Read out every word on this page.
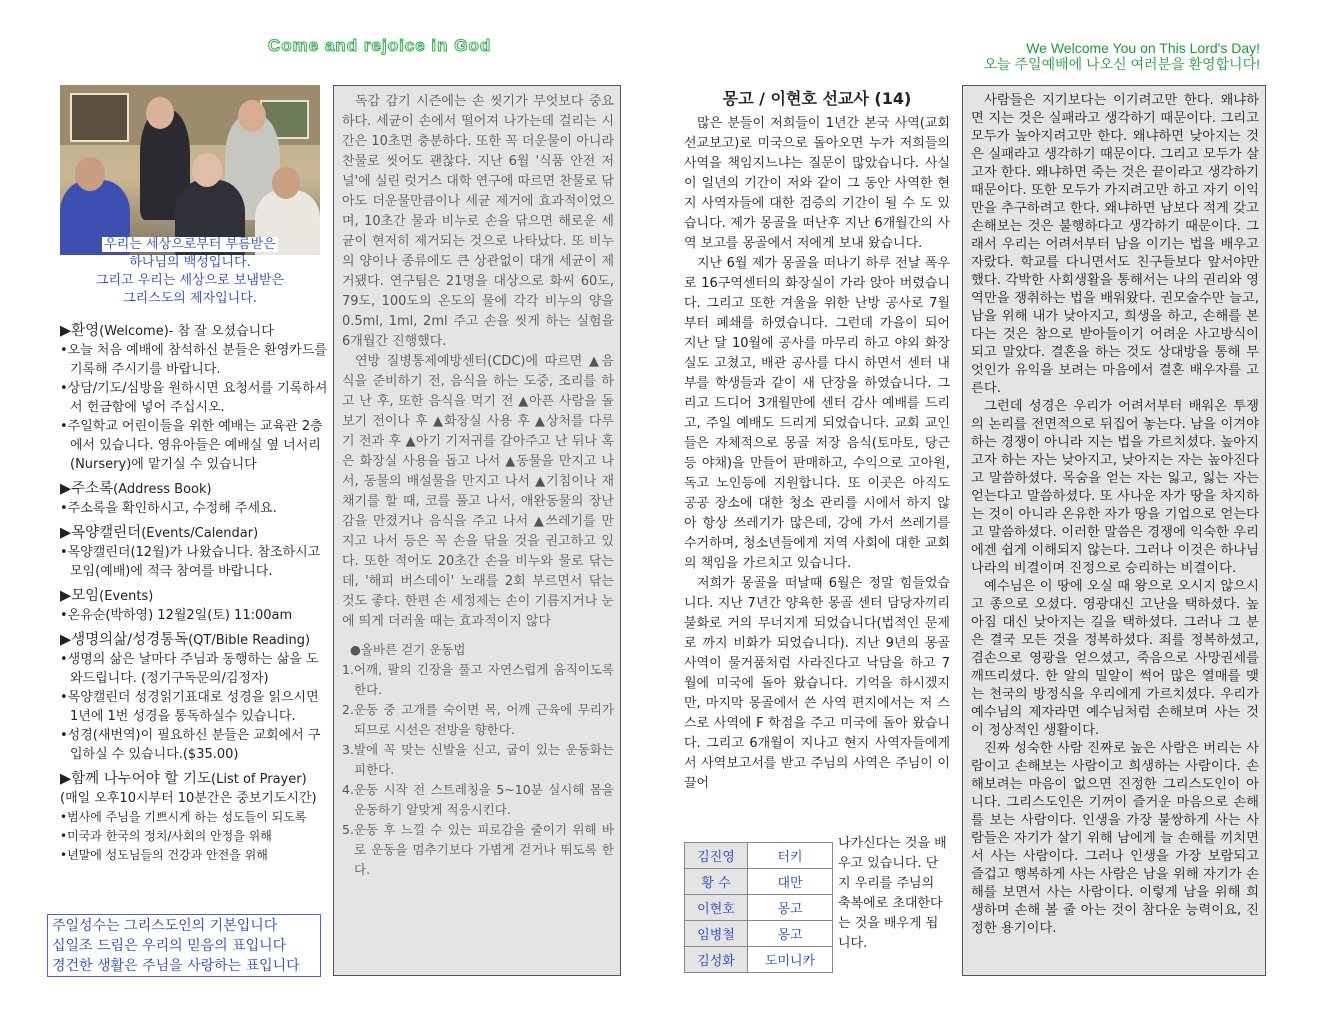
Come and rejoice in God	We Welcome You on This Lord's Day!
오늘 주일예배에 나오신 여러분을 환영합니다!
우리는 세상으로부터 부름받은
하나님의 백성입니다.
그리고 우리는 세상으로 보냄받은
그리스도의 제자입니다.
▶환영(Welcome)- 참 잘 오셨습니다
•오늘 처음 예배에 참석하신 분들은 환영카드를 기록해 주시기를 바랍니다.
•상담/기도/심방을 원하시면 요청서를 기록하셔서 헌금함에 넣어 주십시오.
•주일학교 어린이들을 위한 예배는 교육관 2층에서 있습니다. 영유아들은 예배실 옆 너서리(Nursery)에 맡기실 수 있습니다
▶주소록(Address Book)
•주소록을 확인하시고, 수정해 주세요.
▶목양캘린더(Events/Calendar)
•목양캘린더(12월)가 나왔습니다. 참조하시고 모임(예배)에 적극 참여를 바랍니다.
▶모임(Events)
•온유순(박하영) 12월2일(토) 11:00am
▶생명의삶/성경통독(QT/Bible Reading)
•생명의 삶은 날마다 주님과 동행하는 삶을 도와드립니다. (정기구독문의/김정자)
•목양캘린더 성경읽기표대로 성경을 읽으시면 1년에 1번 성경을 통독하실수 있습니다.
•성경(새번역)이 필요하신 분들은 교회에서 구입하실 수 있습니다.($35.00)
▶함께 나누어야 할 기도(List of Prayer)
(매일 오후10시부터 10분간은 중보기도시간)
•범사에 주님을 기쁘시게 하는 성도들이 되도록
•미국과 한국의 정치/사회의 안정을 위해
•년말에 성도님들의 건강과 안전을 위해
주일성수는 그리스도인의 기본입니다
십일조 드림은 우리의 믿음의 표입니다
경건한 생활은 주님을 사랑하는 표입니다

독감 감기 시즌에는 손 씻기가 무엇보다 중요하다. 세균이 손에서 떨어져 나가는데 걸리는 시간은 10초면 충분하다. 또한 꼭 더운물이 아니라 찬물로 씻어도 괜찮다. 지난 6월 '식품 안전 저널'에 실린 럿거스 대학 연구에 따르면 찬물로 닦아도 더운물만큼이나 세균 제거에 효과적이었으며, 10초간 물과 비누로 손을 닦으면 해로운 세균이 현저히 제거되는 것으로 나타났다. 또 비누의 양이나 종류에도 큰 상관없이 대개 세균이 제거됐다. 연구팀은 21명을 대상으로 화씨 60도, 79도, 100도의 온도의 물에 각각 비누의 양을 0.5ml, 1ml, 2ml 주고 손을 씻게 하는 실험을 6개월간 진행했다.

연방 질병통제예방센터(CDC)에 따르면 ▲음식을 준비하기 전, 음식을 하는 도중, 조리를 하고 난 후, 또한 음식을 먹기 전 ▲아픈 사람을 돌보기 전이나 후 ▲화장실 사용 후 ▲상처를 다루기 전과 후 ▲아기 기저귀를 갈아주고 난 뒤나 혹은 화장실 사용을 돕고 나서 ▲동물을 만지고 나서, 동물의 배설물을 만지고 나서 ▲기침이나 재채기를 할 때, 코를 풀고 나서, 애완동물의 장난감을 만졌거나 음식을 주고 나서 ▲쓰레기를 만지고 나서 등은 꼭 손을 닦을 것을 권고하고 있다. 또한 적어도 20초간 손을 비누와 물로 닦는데, '해피 버스데이' 노래를 2회 부르면서 닦는 것도 좋다. 한편 손 세정제는 손이 기름지거나 눈에 띄게 더러울 때는 효과적이지 않다

●올바른 걷기 운동법
1.어깨, 팔의 긴장을 풀고 자연스럽게 움직이도록 한다.
2.운동 중 고개를 숙이면 목, 어깨 근육에 무리가 되므로 시선은 전방을 향한다.
3.발에 꼭 맞는 신발을 신고, 굽이 있는 운동화는 피한다.
4.운동 시작 전 스트레칭을 5~10분 실시해 몸을 운동하기 알맞게 적응시킨다.
5.운동 후 느낄 수 있는 피로감을 줄이기 위해 바로 운동을 멈추기보다 가볍게 걷거나 뛰도록 한다.
몽고 / 이현호 선교사 (14)

많은 분들이 저희들이 1년간 본국 사역(교회 선교보고)로 미국으로 돌아오면 누가 저희들의 사역을 책임지느냐는 질문이 많았습니다. 사실 이 일년의 기간이 저와 같이 그 동안 사역한 현지 사역자들에 대한 검증의 기간이 될 수 도 있습니다. 제가 몽골을 떠난후 지난 6개월간의 사역 보고를 몽골에서 저에게 보내 왔습니다.

지난 6월 제가 몽골을 떠나기 하루 전날 폭우로 16구역센터의 화장실이 가라 앉아 버렸습니다. 그리고 또한 겨울을 위한 난방 공사로 7월부터 폐쇄를 하였습니다. 그런데 가을이 되어 지난 달 10월에 공사를 마무리 하고 야외 화장실도 고쳤고, 배관 공사를 다시 하면서 센터 내부를 학생들과 같이 새 단장을 하였습니다. 그리고 드디어 3개월만에 센터 감사 예배를 드리고, 주일 예배도 드리게 되었습니다. 교회 교인들은 자체적으로 몽골 저장 음식(토마토, 당근 등 야채)을 만들어 판매하고, 수익으로 고아원, 독고 노인등에 지원합니다. 또 이곳은 아직도 공공 장소에 대한 청소 관리를 시에서 하지 않아 항상 쓰레기가 많은데, 강에 가서 쓰레기를 수거하며, 청소년들에게 지역 사회에 대한 교회의 책임을 가르치고 있습니다.

저희가 몽골을 떠날때 6월은 정말 힘들었습니다. 지난 7년간 양육한 몽골 센터 담당자끼리 불화로 거의 무너지게 되었습니다(법적인 문제로 까지 비화가 되었습니다). 지난 9년의 몽골사역이 물거품처럼 사라진다고 낙담을 하고 7월에 미국에 돌아 왔습니다. 기억을 하시겠지만, 마지막 몽골에서 쓴 사역 편지에서는 저 스스로 사역에 F 학점을 주고 미국에 돌아 왔습니다. 그리고 6개월이 지나고 현지 사역자들에게서 사역보고서를 받고 주님의 사역은 주님이 이끌어

나가신다는 것을 배우고 있습니다. 단지 우리를 주님의 축복에로 초대한다는 것을 배우게 됩니다.
김진영	터키
황 수	대만
이현호	몽고
임병철	몽고
김성화	도미니카

사람들은 지기보다는 이기려고만 한다. 왜냐하면 지는 것은 실패라고 생각하기 때문이다. 그리고 모두가 높아지려고만 한다. 왜냐하면 낮아지는 것은 실패라고 생각하기 때문이다. 그리고 모두가 살고자 한다. 왜냐하면 죽는 것은 끝이라고 생각하기 때문이다. 또한 모두가 가지려고만 하고 자기 이익만을 추구하려고 한다. 왜냐하면 남보다 적게 갖고 손해보는 것은 불행하다고 생각하기 때문이다. 그래서 우리는 어려서부터 남을 이기는 법을 배우고 자랐다. 학교를 다니면서도 친구들보다 앞서야만 했다. 각박한 사회생활을 통해서는 나의 권리와 영역만을 쟁취하는 법을 배워왔다. 권모술수만 늘고, 남을 위해 내가 낮아지고, 희생을 하고, 손해를 본다는 것은 참으로 받아들이기 어려운 사고방식이 되고 말았다. 결혼을 하는 것도 상대방을 통해 무엇인가 유익을 보려는 마음에서 결혼 배우자를 고른다.

그런데 성경은 우리가 어려서부터 배워온 투쟁의 논리를 전면적으로 뒤집어 놓는다. 남을 이겨야하는 경쟁이 아니라 지는 법을 가르치셨다. 높아지고자 하는 자는 낮아지고, 낮아지는 자는 높아진다고 말씀하셨다. 목숨을 얻는 자는 잃고, 잃는 자는 얻는다고 말씀하셨다. 또 사나운 자가 땅을 차지하는 것이 아니라 온유한 자가 땅을 기업으로 얻는다고 말씀하셨다. 이러한 말씀은 경쟁에 익숙한 우리에겐 쉽게 이해되지 않는다. 그러나 이것은 하나님 나라의 비결이며 진정으로 승리하는 비결이다.

예수님은 이 땅에 오실 때 왕으로 오시지 않으시고 종으로 오셨다. 영광대신 고난을 택하셨다. 높아짐 대신 낮아지는 길을 택하셨다. 그러나 그 분은 결국 모든 것을 정복하셨다. 죄를 정복하셨고, 겸손으로 영광을 얻으셨고, 죽음으로 사망권세를 깨뜨리셨다. 한 알의 밀알이 썩어 많은 열매를 맺는 천국의 방정식을 우리에게 가르치셨다. 우리가 예수님의 제자라면 예수님처럼 손해보며 사는 것이 정상적인 생활이다.

진짜 성숙한 사람 진짜로 높은 사람은 버리는 사람이고 손해보는 사람이고 희생하는 사람이다. 손해보려는 마음이 없으면 진정한 그리스도인이 아니다. 그리스도인은 기꺼이 즐거운 마음으로 손해를 보는 사람이다. 인생을 가장 불쌍하게 사는 사람들은 자기가 살기 위해 남에게 늘 손해를 끼치면서 사는 사람이다. 그러나 인생을 가장 보람되고 즐겁고 행복하게 사는 사람은 남을 위해 자기가 손해를 보면서 사는 사람이다. 이렇게 남을 위해 희생하며 손해 볼 줄 아는 것이 참다운 능력이요, 진정한 용기이다.
